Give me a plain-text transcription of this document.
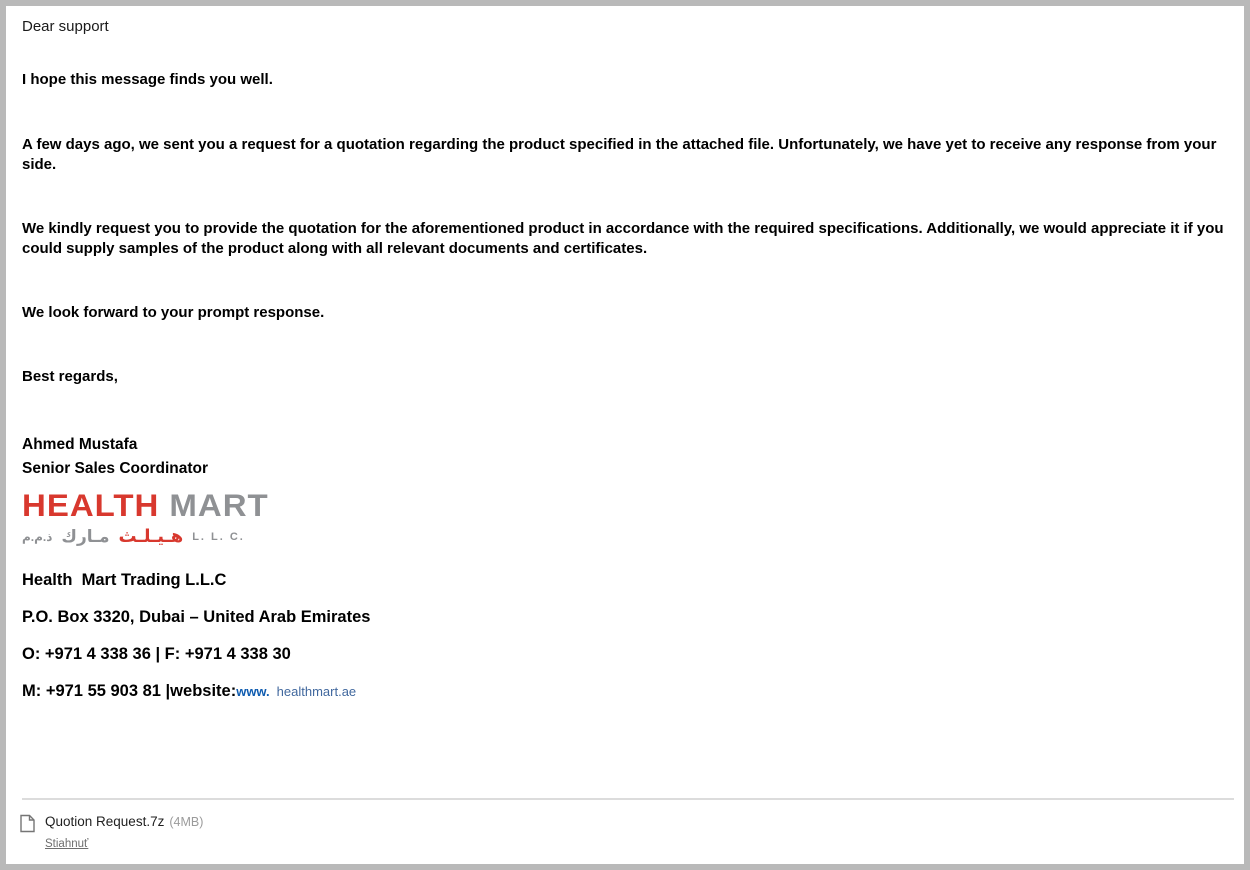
Dear support

I hope this message finds you well.

A few days ago, we sent you a request for a quotation regarding the product specified in the attached file. Unfortunately, we have yet to receive any response from your side.

We kindly request you to provide the quotation for the aforementioned product in accordance with the required specifications. Additionally, we would appreciate it if you could supply samples of the product along with all relevant documents and certificates.

We look forward to your prompt response.

Best regards,

Ahmed Mustafa

Senior Sales Coordinator

HEALTH MART
ذ.م.م مـارك هـيـلـث L. L. C.

Health  Mart Trading L.L.C

P.O. Box 3320, Dubai – United Arab Emirates

O: +971 4 338 36 | F: +971 4 338 30

M: +971 55 903 81 |website:www. healthmart.ae

Quotion Request.7z (4MB)
Stiahnuť
